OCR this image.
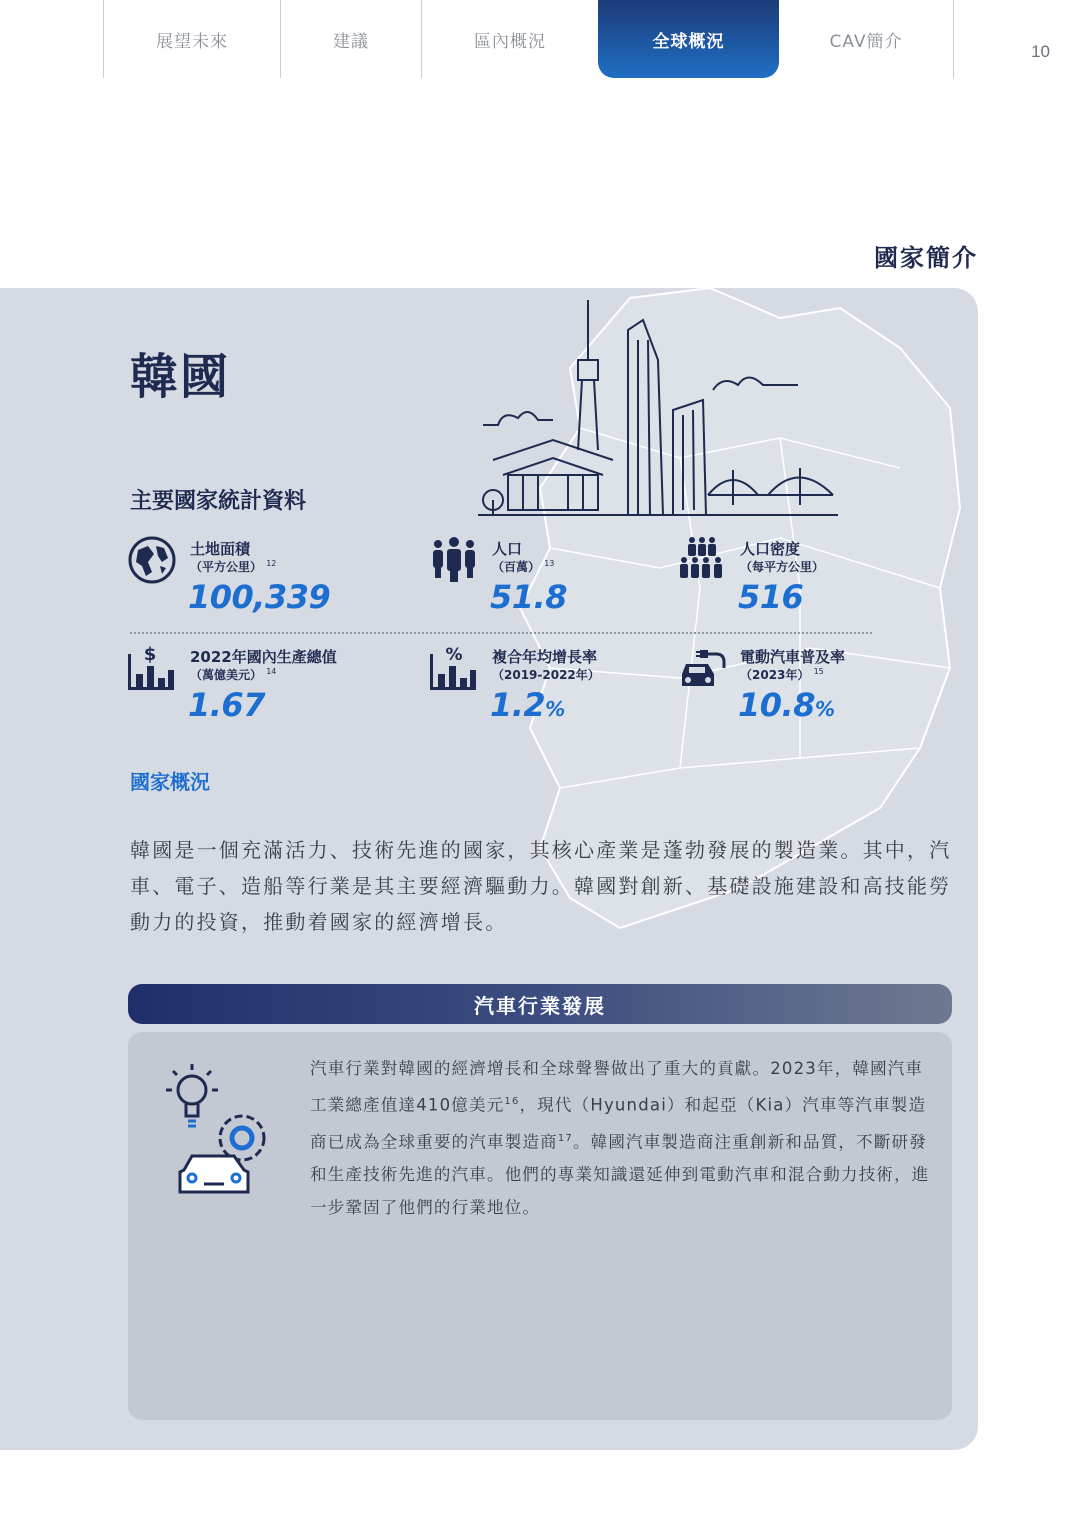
展望未來	建議	區內概況	全球概況	CAV簡介	10
國家簡介
韓國
主要國家統計資料
土地面積
（平方公里） $^{12}$
100,339
人口
（百萬） $^{13}$
51.8
人口密度
（每平方公里）
516
$ 2022年國內生產總值
（萬億美元） $^{14}$
1.67
% 複合年均增長率
（2019-2022年）
1.2%
電動汽車普及率
（2023年） $^{15}$
10.8%
國家概況
韓國是一個充滿活力、技術先進的國家，其核心產業是蓬勃發展的製造業。其中，汽車、電子、造船等行業是其主要經濟驅動力。韓國對創新、基礎設施建設和高技能勞動力的投資，推動着國家的經濟增長。
汽車行業發展
汽車行業對韓國的經濟增長和全球聲譽做出了重大的貢獻。2023年，韓國汽車工業總產值達410億美元$^{16}$，現代（Hyundai）和起亞（Kia）汽車等汽車製造商已成為全球重要的汽車製造商$^{17}$。韓國汽車製造商注重創新和品質，不斷研發和生產技術先進的汽車。他們的專業知識還延伸到電動汽車和混合動力技術，進一步鞏固了他們的行業地位。
